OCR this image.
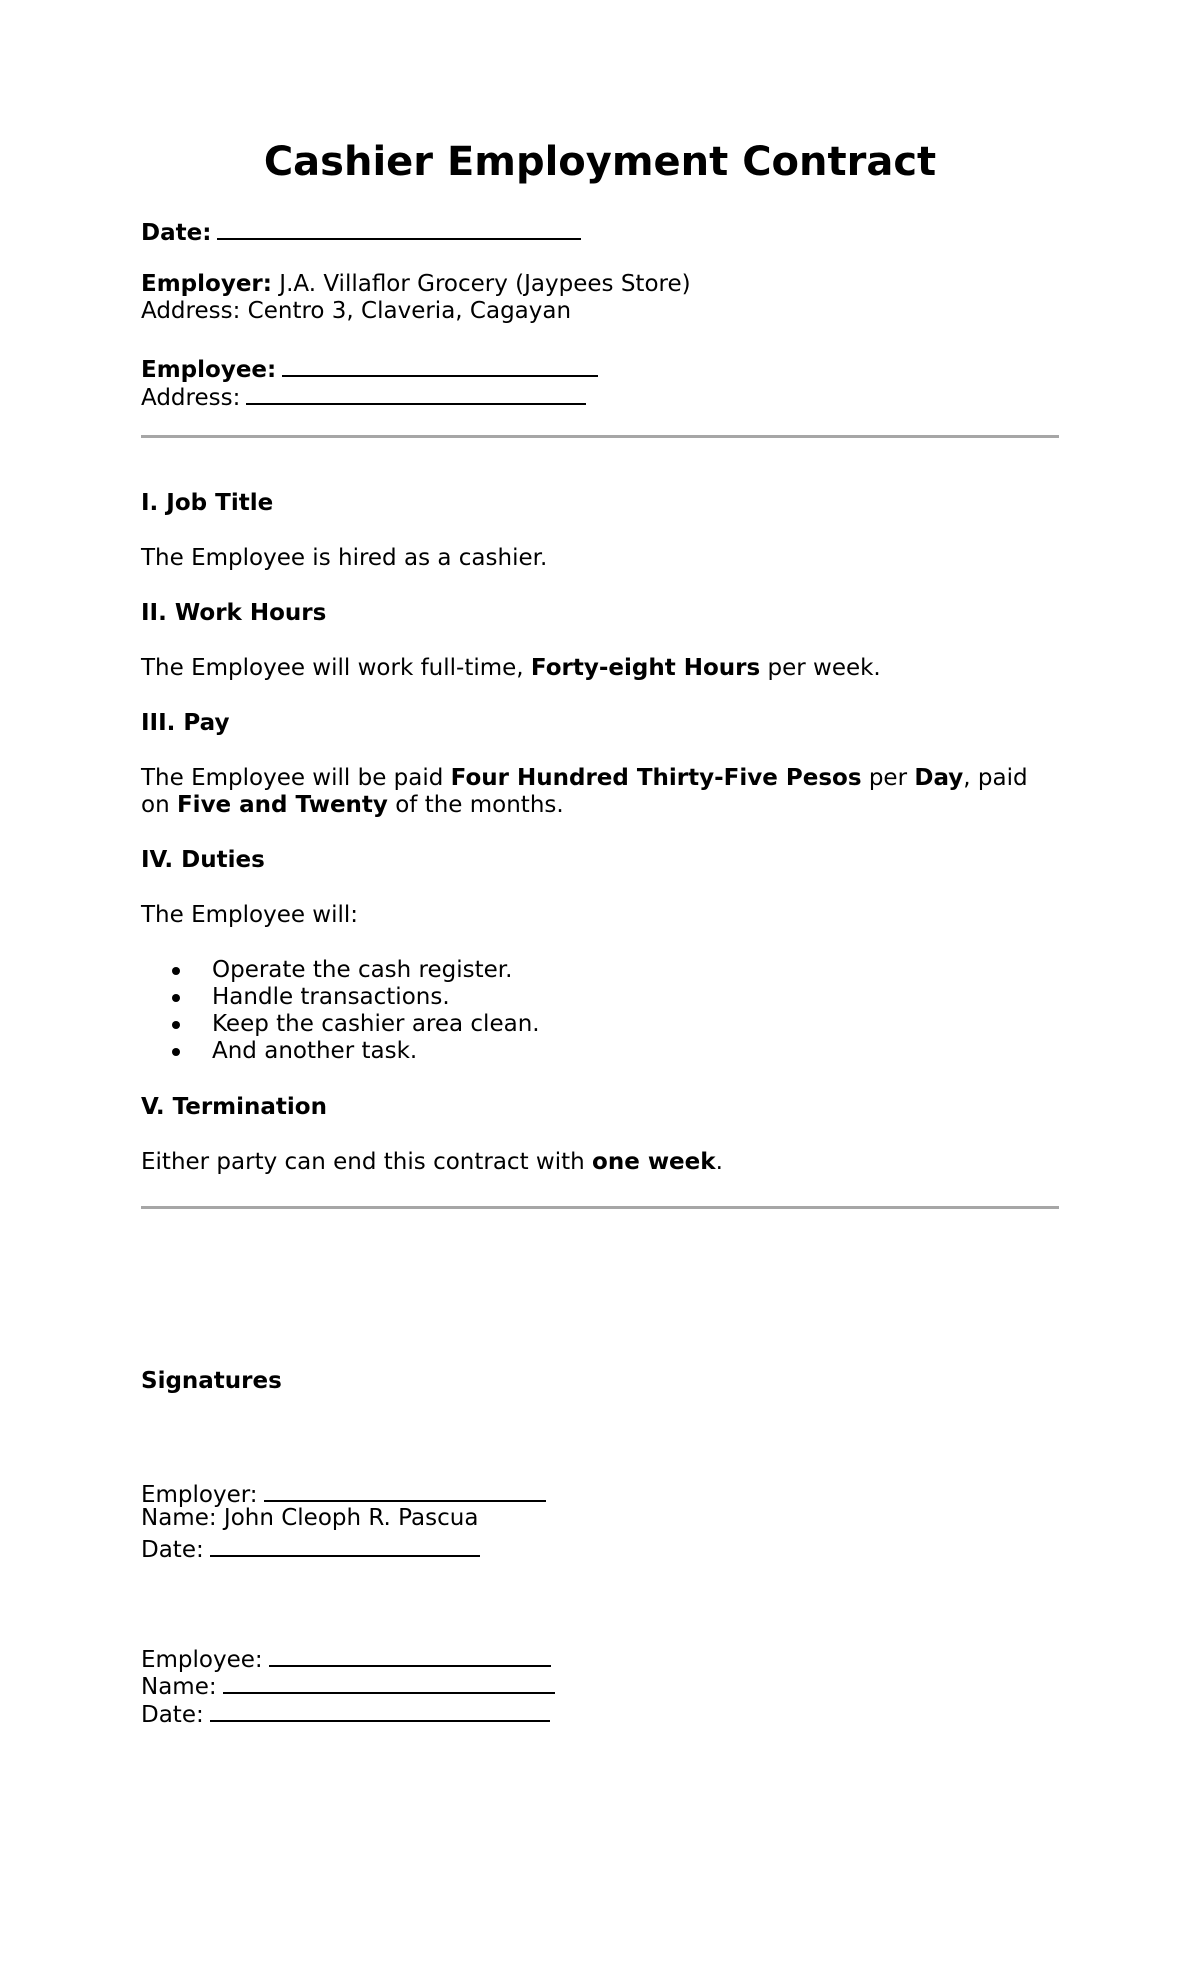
Cashier Employment Contract
Date:
Employer: J.A. Villaflor Grocery (Jaypees Store)
Address: Centro 3, Claveria, Cagayan
Employee:
Address:
I. Job Title
The Employee is hired as a cashier.
II. Work Hours
The Employee will work full-time, Forty-eight Hours per week.
III. Pay
The Employee will be paid Four Hundred Thirty-Five Pesos per Day, paid
on Five and Twenty of the months.
IV. Duties
The Employee will:
Operate the cash register.
Handle transactions.
Keep the cashier area clean.
And another task.
V. Termination
Either party can end this contract with one week.
Signatures
Employer:
Name: John Cleoph R. Pascua
Date:
Employee:
Name:
Date:
